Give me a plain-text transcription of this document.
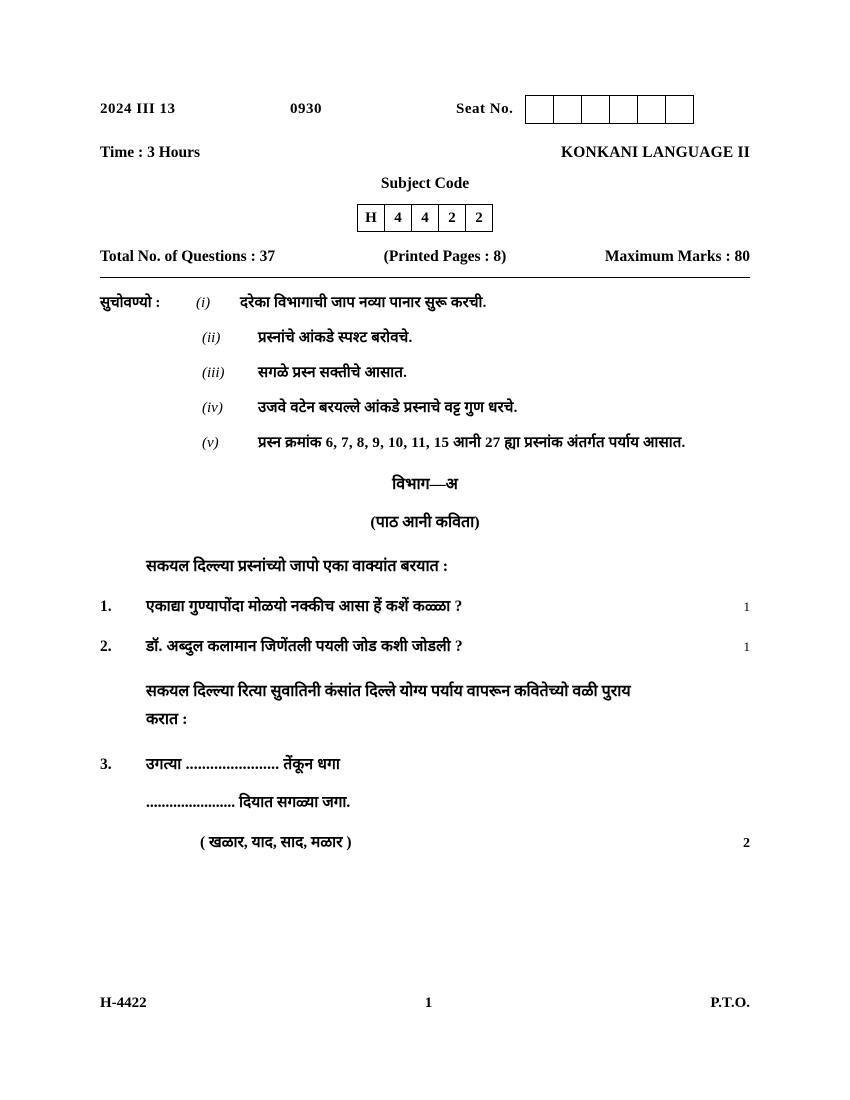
2024 III 13	0930	Seat No.
Time : 3 Hours	KONKANI LANGUAGE II
Subject Code
H	4	4	2	2
Total No. of Questions : 37	(Printed Pages : 8)	Maximum Marks : 80
सुचोवण्यो :	(i)	दरेका विभागाची जाप नव्या पानार सुरू करची.
(ii)	प्रस्नांचे आंकडे स्पश्ट बरोवचे.
(iii)	सगळे प्रस्न सक्तीचे आसात.
(iv)	उजवे वटेन बरयल्ले आंकडे प्रस्नाचे वट्ट गुण धरचे.
(v)	प्रस्न क्रमांक 6, 7, 8, 9, 10, 11, 15 आनी 27 ह्या प्रस्नांक अंतर्गत पर्याय आसात.
विभाग—अ
(पाठ आनी कविता)
सकयल दिल्ल्या प्रस्नांच्यो जापो एका वाक्यांत बरयात :
1.	एकाद्या गुण्यापोंदा मोळयो नक्कीच आसा हें कशें कळ्ळा ?	1
2.	डॉ. अब्दुल कलामान जिणेंतली पयली जोड कशी जोडली ?	1
सकयल दिल्ल्या रित्या सुवातिनी कंसांत दिल्ले योग्य पर्याय वापरून कवितेच्यो वळी पुराय
करात :
3.	उगत्या ....................... तेंकून धगा
....................... दियात सगळ्या जगा.
( खळार, याद, साद, मळार )	2
H-4422	1	P.T.O.
